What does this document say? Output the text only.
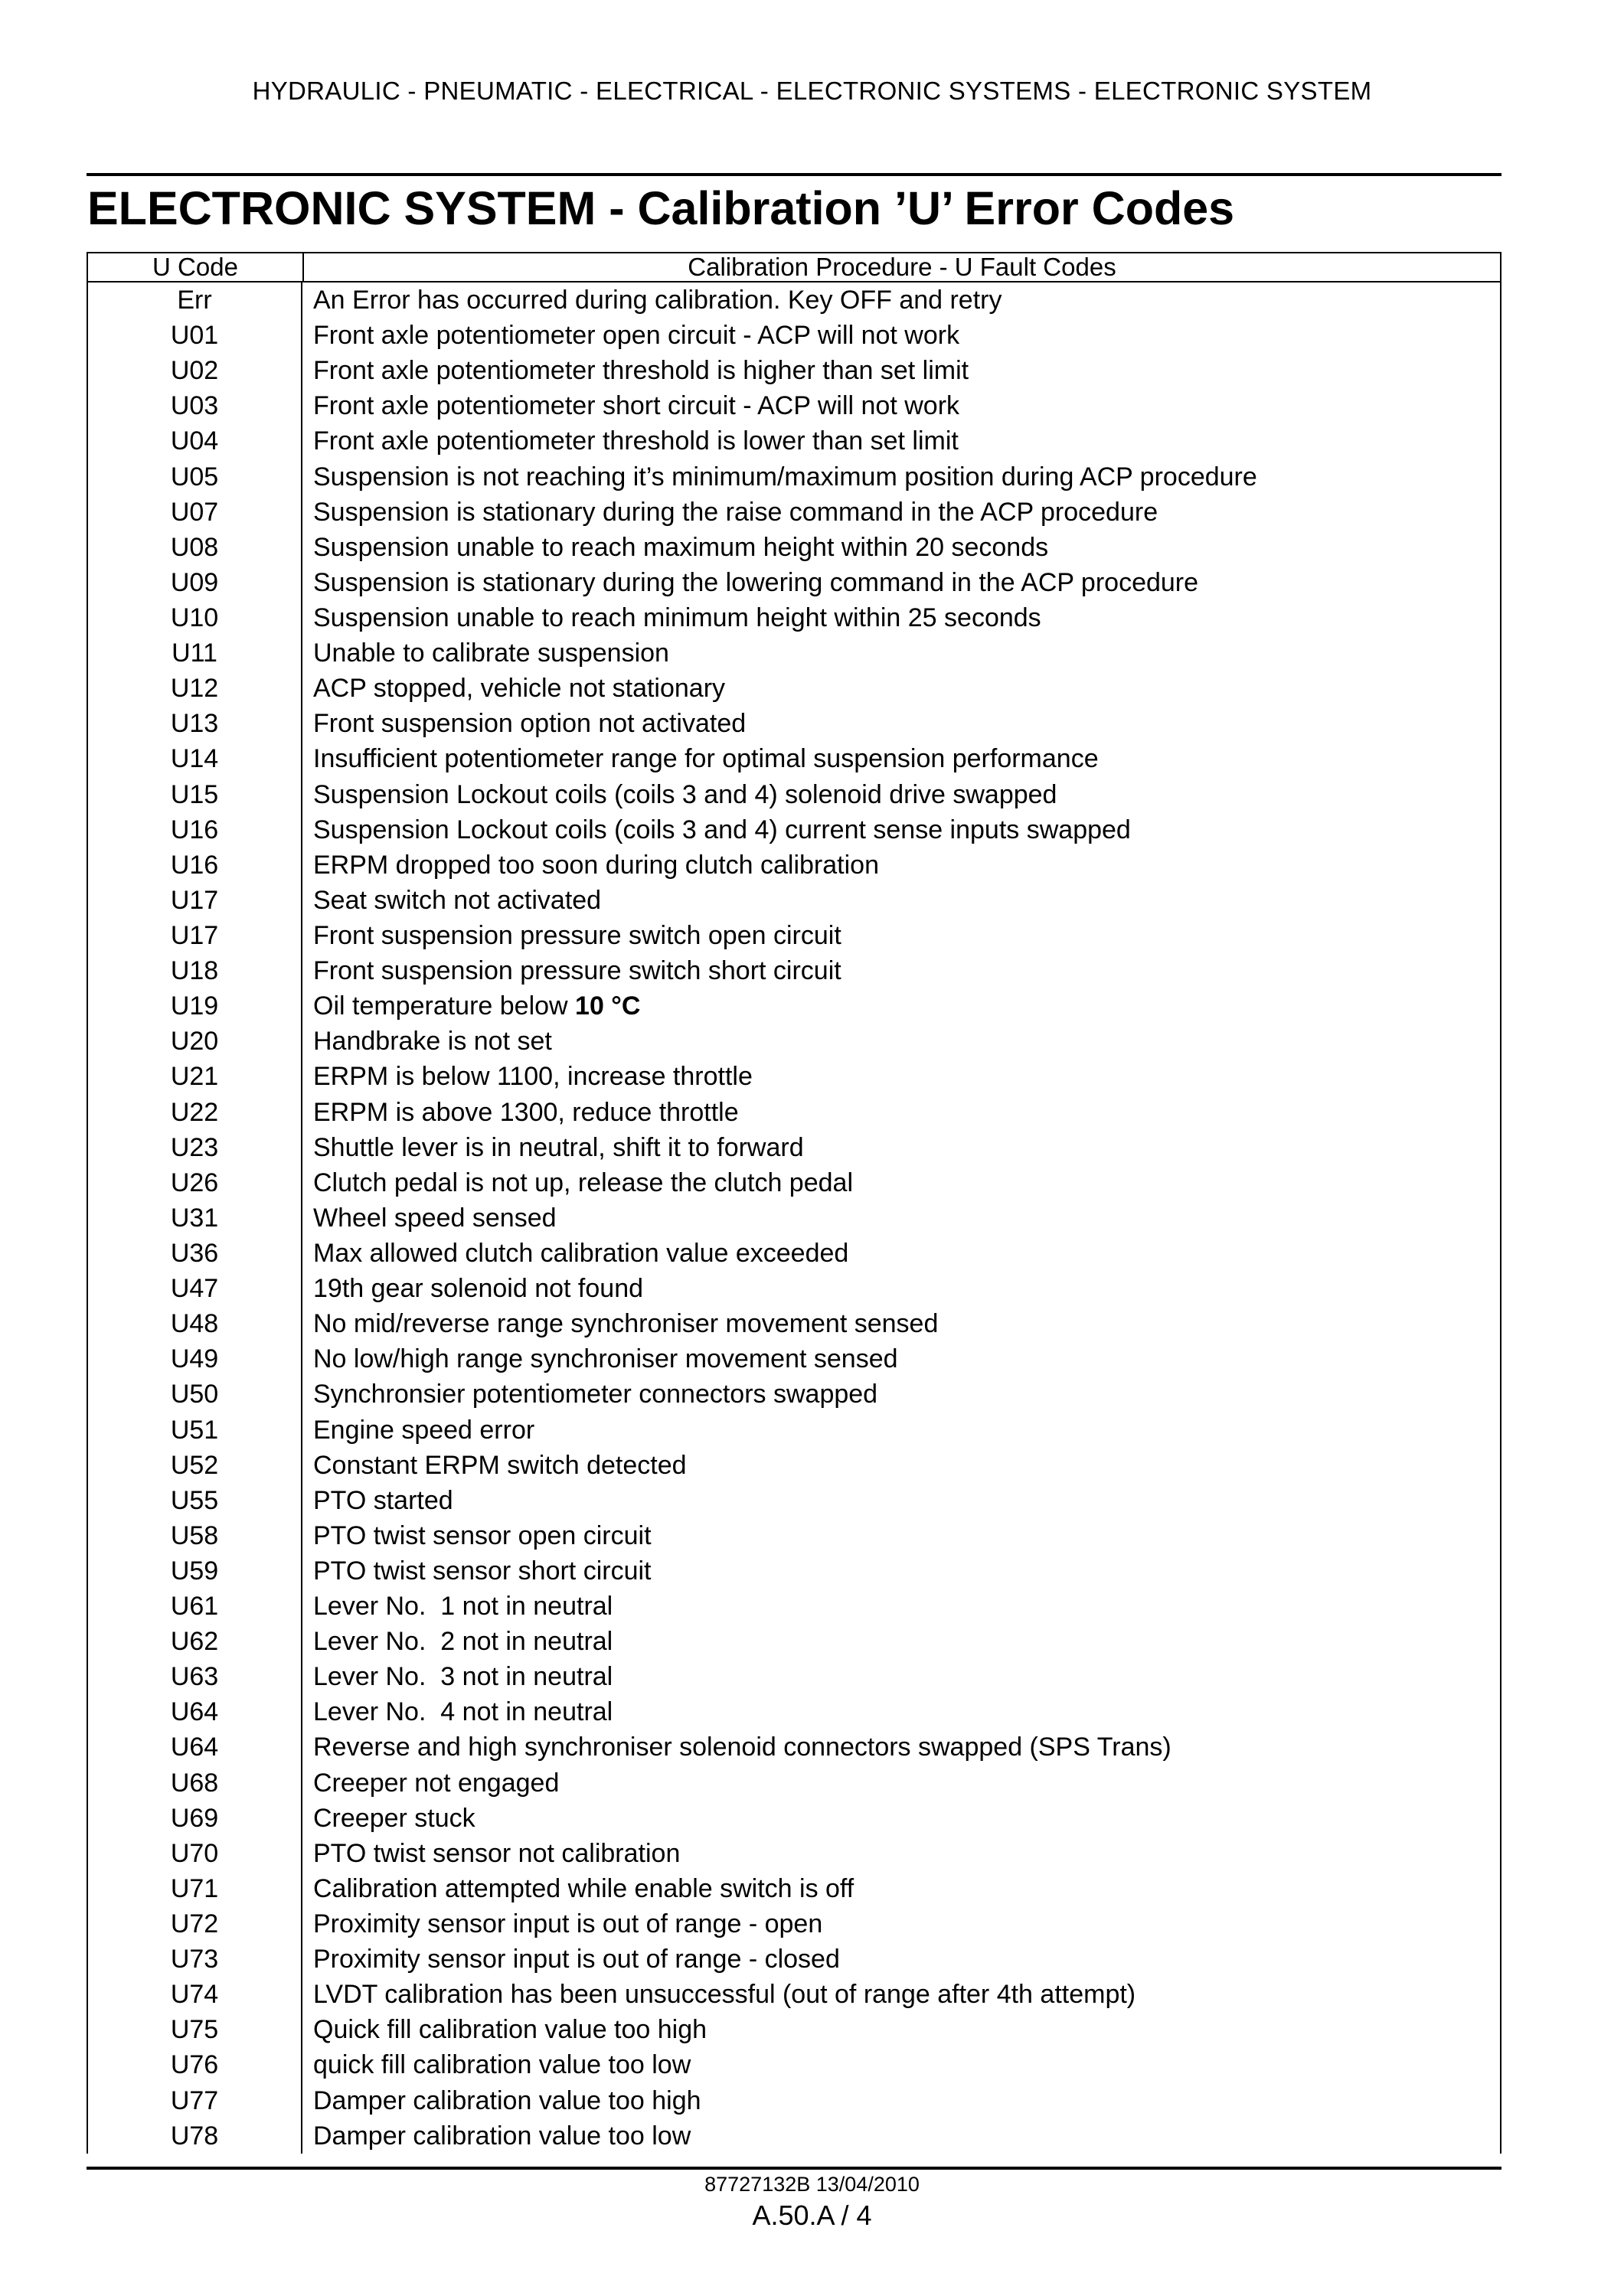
HYDRAULIC - PNEUMATIC - ELECTRICAL - ELECTRONIC SYSTEMS - ELECTRONIC SYSTEM
ELECTRONIC SYSTEM - Calibration ’U’ Error Codes
U Code	Calibration Procedure - U Fault Codes
Err	An Error has occurred during calibration. Key OFF and retry
U01	Front axle potentiometer open circuit - ACP will not work
U02	Front axle potentiometer threshold is higher than set limit
U03	Front axle potentiometer short circuit - ACP will not work
U04	Front axle potentiometer threshold is lower than set limit
U05	Suspension is not reaching it’s minimum/maximum position during ACP procedure
U07	Suspension is stationary during the raise command in the ACP procedure
U08	Suspension unable to reach maximum height within 20 seconds
U09	Suspension is stationary during the lowering command in the ACP procedure
U10	Suspension unable to reach minimum height within 25 seconds
U11	Unable to calibrate suspension
U12	ACP stopped, vehicle not stationary
U13	Front suspension option not activated
U14	Insufficient potentiometer range for optimal suspension performance
U15	Suspension Lockout coils (coils 3 and 4) solenoid drive swapped
U16	Suspension Lockout coils (coils 3 and 4) current sense inputs swapped
U16	ERPM dropped too soon during clutch calibration
U17	Seat switch not activated
U17	Front suspension pressure switch open circuit
U18	Front suspension pressure switch short circuit
U19	Oil temperature below 10 °C
U20	Handbrake is not set
U21	ERPM is below 1100, increase throttle
U22	ERPM is above 1300, reduce throttle
U23	Shuttle lever is in neutral, shift it to forward
U26	Clutch pedal is not up, release the clutch pedal
U31	Wheel speed sensed
U36	Max allowed clutch calibration value exceeded
U47	19th gear solenoid not found
U48	No mid/reverse range synchroniser movement sensed
U49	No low/high range synchroniser movement sensed
U50	Synchronsier potentiometer connectors swapped
U51	Engine speed error
U52	Constant ERPM switch detected
U55	PTO started
U58	PTO twist sensor open circuit
U59	PTO twist sensor short circuit
U61	Lever No.  1 not in neutral
U62	Lever No.  2 not in neutral
U63	Lever No.  3 not in neutral
U64	Lever No.  4 not in neutral
U64	Reverse and high synchroniser solenoid connectors swapped (SPS Trans)
U68	Creeper not engaged
U69	Creeper stuck
U70	PTO twist sensor not calibration
U71	Calibration attempted while enable switch is off
U72	Proximity sensor input is out of range - open
U73	Proximity sensor input is out of range - closed
U74	LVDT calibration has been unsuccessful (out of range after 4th attempt)
U75	Quick fill calibration value too high
U76	quick fill calibration value too low
U77	Damper calibration value too high
U78	Damper calibration value too low
87727132B 13/04/2010
A.50.A / 4
